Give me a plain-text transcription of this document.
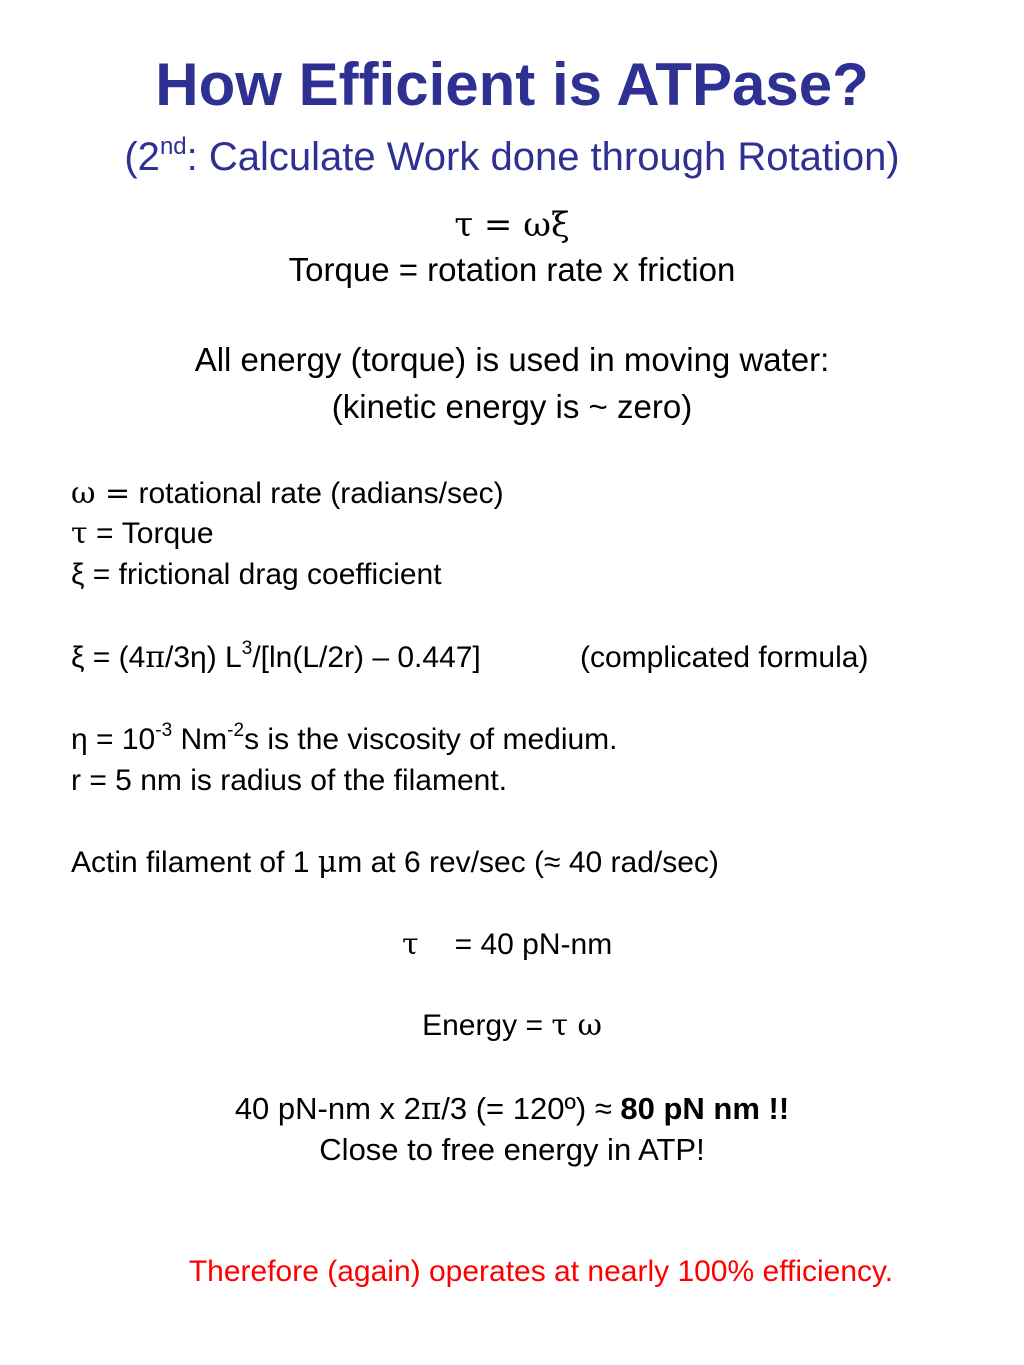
How Efficient is ATPase?
(2nd: Calculate Work done through Rotation)
τ = ωξ
Torque = rotation rate x friction
All energy (torque) is used in moving water:
(kinetic energy is ~ zero)
ω = rotational rate (radians/sec)
τ = Torque
ξ = frictional drag coefficient
ξ = (4π/3η) $L^3/[\ln(L/2r) - 0.447]$	(complicated formula)
$\eta = 10^{-3}$ $Nm^{-2}s$ is the viscosity of medium.
r = 5 nm is radius of the filament.
Actin filament of 1 μm at 6 rev/sec (≈ 40 rad/sec)
τ = 40 pN-nm
Energy = τ ω
40 pN-nm x 2π/3 (= 120º) ≈ 80 pN nm !!
Close to free energy in ATP!
Therefore (again) operates at nearly 100% efficiency.
